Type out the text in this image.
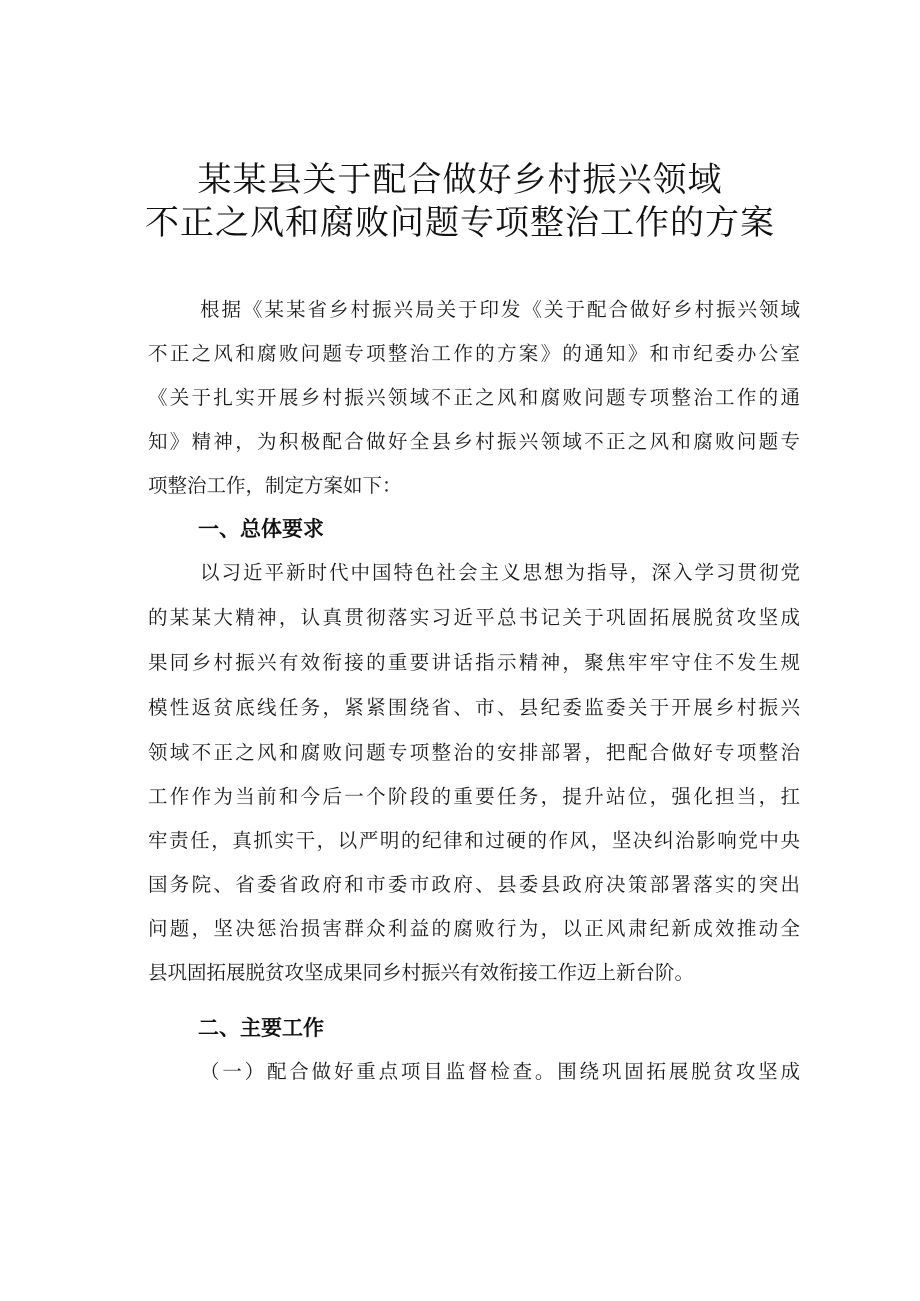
某某县关于配合做好乡村振兴领域
不正之风和腐败问题专项整治工作的方案
根据《某某省乡村振兴局关于印发《关于配合做好乡村振兴领域
不正之风和腐败问题专项整治工作的方案》的通知》和市纪委办公室
《关于扎实开展乡村振兴领域不正之风和腐败问题专项整治工作的通
知》精神，为积极配合做好全县乡村振兴领域不正之风和腐败问题专
项整治工作，制定方案如下：
一、总体要求
以习近平新时代中国特色社会主义思想为指导，深入学习贯彻党
的某某大精神，认真贯彻落实习近平总书记关于巩固拓展脱贫攻坚成
果同乡村振兴有效衔接的重要讲话指示精神，聚焦牢牢守住不发生规
模性返贫底线任务，紧紧围绕省、市、县纪委监委关于开展乡村振兴
领域不正之风和腐败问题专项整治的安排部署，把配合做好专项整治
工作作为当前和今后一个阶段的重要任务，提升站位，强化担当，扛
牢责任，真抓实干，以严明的纪律和过硬的作风，坚决纠治影响党中央
国务院、省委省政府和市委市政府、县委县政府决策部署落实的突出
问题，坚决惩治损害群众利益的腐败行为，以正风肃纪新成效推动全
县巩固拓展脱贫攻坚成果同乡村振兴有效衔接工作迈上新台阶。
二、主要工作
（一）配合做好重点项目监督检查。围绕巩固拓展脱贫攻坚成
